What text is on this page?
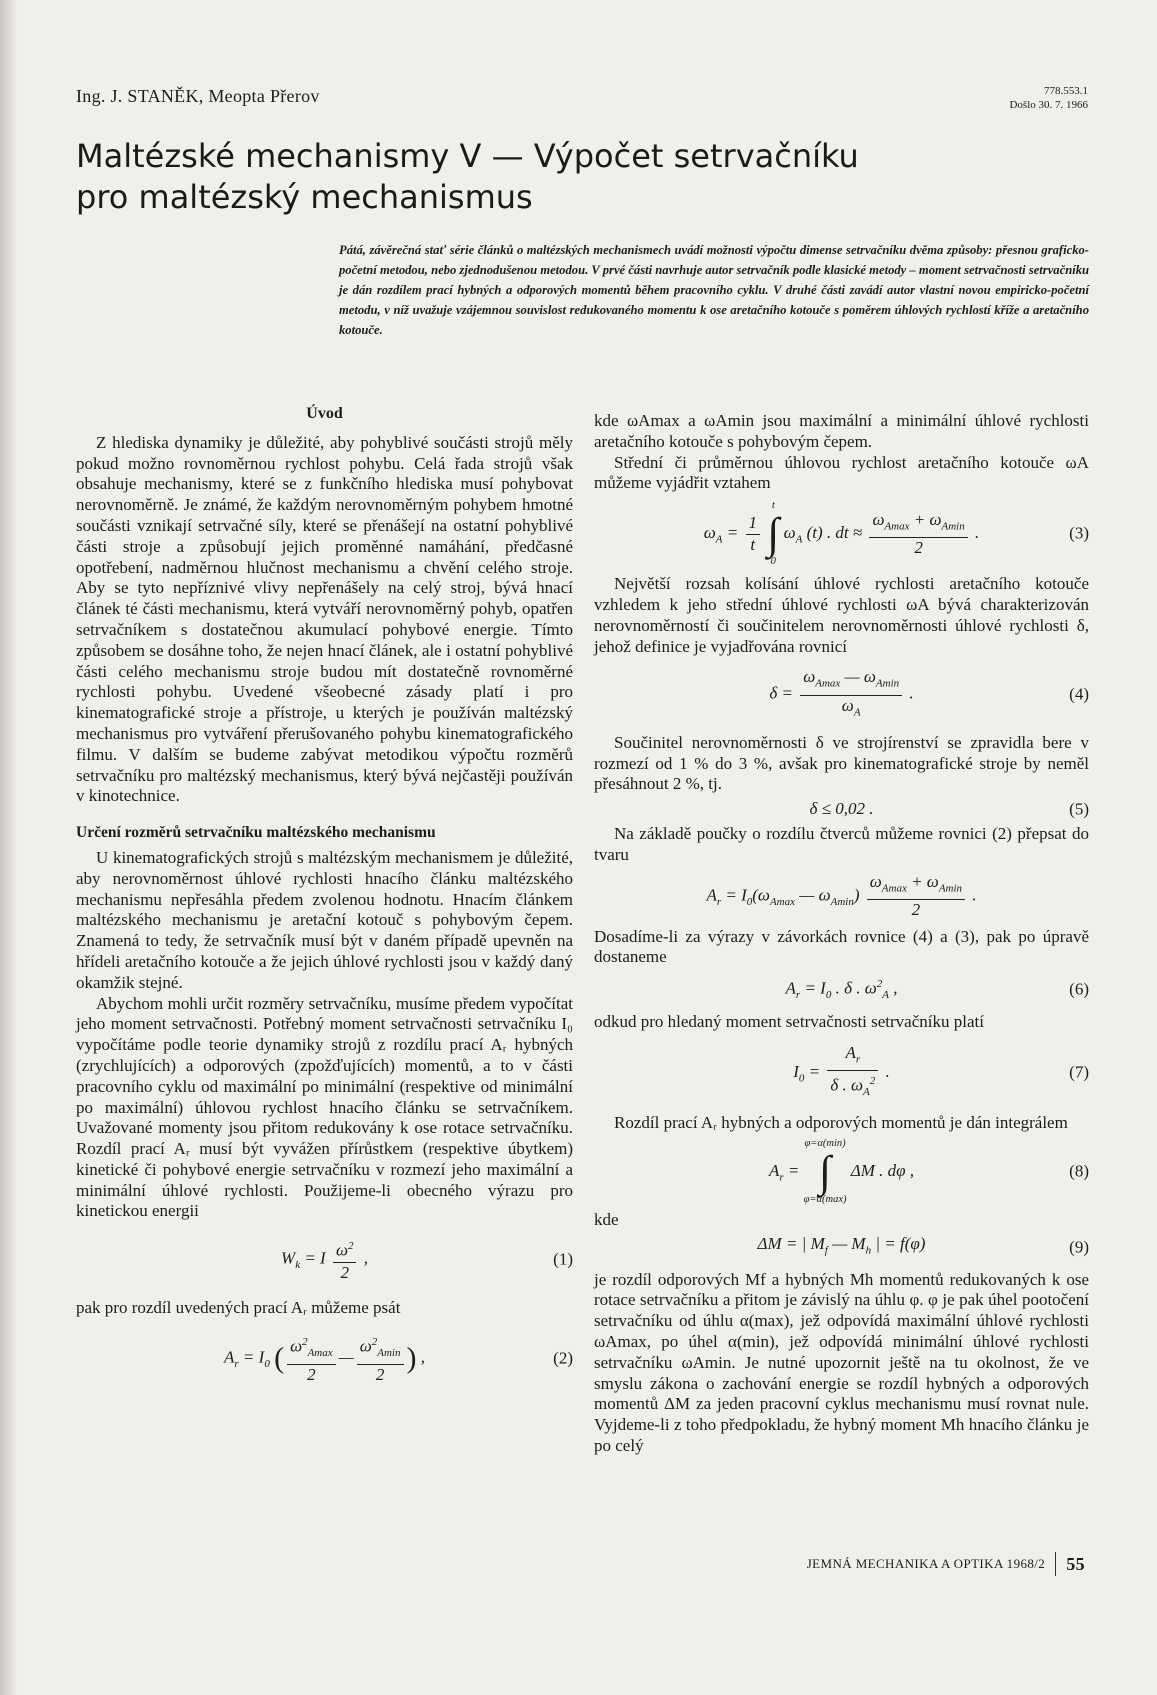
Ing. J. STANĚK, Meopta Přerov	778.553.1
Došlo 30. 7. 1966
Maltézské mechanismy V — Výpočet setrvačníku
pro maltézský mechanismus

Pátá, závěrečná stať série článků o maltézských mechanismech uvádí možnosti výpočtu dimense setrvačníku dvěma způsoby: přesnou graficko-početní metodou, nebo zjednodušenou metodou. V prvé části navrhuje autor setrvačník podle klasické metody – moment setrvačnosti setrvačníku je dán rozdílem prací hybných a odporových momentů během pracovního cyklu. V druhé části zavádí autor vlastní novou empiricko-početní metodu, v níž uvažuje vzájemnou souvislost redukovaného momentu k ose aretačního kotouče s poměrem úhlových rychlostí kříže a aretačního kotouče.

Úvod

Z hlediska dynamiky je důležité, aby pohyblivé součásti strojů měly pokud možno rovnoměrnou rychlost pohybu. Celá řada strojů však obsahuje mechanismy, které se z funkčního hlediska musí pohybovat nerovnoměrně. Je známé, že každým nerovnoměrným pohybem hmotné součásti vznikají setrvačné síly, které se přenášejí na ostatní pohyblivé části stroje a způsobují jejich proměnné namáhání, předčasné opotřebení, nadměrnou hlučnost mechanismu a chvění celého stroje. Aby se tyto nepříznivé vlivy nepřenášely na celý stroj, bývá hnací článek té části mechanismu, která vytváří nerovnoměrný pohyb, opatřen setrvačníkem s dostatečnou akumulací pohybové energie. Tímto způsobem se dosáhne toho, že nejen hnací článek, ale i ostatní pohyblivé části celého mechanismu stroje budou mít dostatečně rovnoměrné rychlosti pohybu. Uvedené všeobecné zásady platí i pro kinematografické stroje a přístroje, u kterých je používán maltézský mechanismus pro vytváření přerušovaného pohybu kinematografického filmu. V dalším se budeme zabývat metodikou výpočtu rozměrů setrvačníku pro maltézský mechanismus, který bývá nejčastěji používán v kinotechnice.

Určení rozměrů setrvačníku maltézského mechanismu

U kinematografických strojů s maltézským mechanismem je důležité, aby nerovnoměrnost úhlové rychlosti hnacího článku maltézského mechanismu nepřesáhla předem zvolenou hodnotu. Hnacím článkem maltézského mechanismu je aretační kotouč s pohybovým čepem. Znamená to tedy, že setrvačník musí být v daném případě upevněn na hřídeli aretačního kotouče a že jejich úhlové rychlosti jsou v každý daný okamžik stejné.

Abychom mohli určit rozměry setrvačníku, musíme předem vypočítat jeho moment setrvačnosti. Potřebný moment setrvačnosti setrvačníku I₀ vypočítáme podle teorie dynamiky strojů z rozdílu prací Aᵣ hybných (zrychlujících) a odporových (zpožďujících) momentů, a to v části pracovního cyklu od maximální po minimální (respektive od minimální po maximální) úhlovou rychlost hnacího článku se setrvačníkem. Uvažované momenty jsou přitom redukovány k ose rotace setrvačníku. Rozdíl prací Aᵣ musí být vyvážen přírůstkem (respektive úbytkem) kinetické či pohybové energie setrvačníku v rozmezí jeho maximální a minimální úhlové rychlosti. Použijeme-li obecného výrazu pro kinetickou energii

$W_k = I \frac{\omega^2}{2}$ ,	(1)

pak pro rozdíl uvedených prací Aᵣ můžeme psát

$A_r = I_0$ ( $\frac{\omega^2_{Amax}}{2}$ — $\frac{\omega^2_{Amin}}{2}$ ) ,	(2)

kde ωAmax a ωAmin jsou maximální a minimální úhlové rychlosti aretačního kotouče s pohybovým čepem.

Střední či průměrnou úhlovou rychlost aretačního kotouče ωA můžeme vyjádřit vztahem

$\omega_A = \frac{1}{t}$

t
∫
0
$\omega_A$ (t) . dt ≈ $\frac{\omega_{Amax} + \omega_{Amin}}{2}$ .	(3)

Největší rozsah kolísání úhlové rychlosti aretačního kotouče vzhledem k jeho střední úhlové rychlosti ωA bývá charakterizován nerovnoměrností či součinitelem nerovnoměrnosti úhlové rychlosti δ, jehož definice je vyjadřována rovnicí

$\delta = \frac{\omega_{Amax} — \omega_{Amin}}{\omega_A}$ .	(4)

Součinitel nerovnoměrnosti δ ve strojírenství se zpravidla bere v rozmezí od 1 % do 3 %, avšak pro kinematografické stroje by neměl přesáhnout 2 %, tj.

δ ≤ 0,02 .	(5)

Na základě poučky o rozdílu čtverců můžeme rovnici (2) přepsat do tvaru

$A_r = I_0(\omega_{Amax}$ — $\omega_{Amin}) \frac{\omega_{Amax} + \omega_{Amin}}{2}$ .

Dosadíme-li za výrazy v závorkách rovnice (4) a (3), pak po úpravě dostaneme

$A_r = I_0$ . δ . $\omega^2_A$ ,	(6)

odkud pro hledaný moment setrvačnosti setrvačníku platí

$I_0 = \frac{A_r}{\delta . \omega_A^2}$ .	(7)

Rozdíl prací Aᵣ hybných a odporových momentů je dán integrálem

$A_r$ =
φ=α(min)
∫
φ=α(max)
ΔM . dφ ,	(8)

kde

ΔM = | $M_f$ — $M_h$ | = f(φ)	(9)

je rozdíl odporových Mf a hybných Mh momentů redukovaných k ose rotace setrvačníku a přitom je závislý na úhlu φ. φ je pak úhel pootočení setrvačníku od úhlu α(max), jež odpovídá maximální úhlové rychlosti ωAmax, po úhel α(min), jež odpovídá minimální úhlové rychlosti setrvačníku ωAmin. Je nutné upozornit ještě na tu okolnost, že ve smyslu zákona o zachování energie se rozdíl hybných a odporových momentů ΔM za jeden pracovní cyklus mechanismu musí rovnat nule. Vyjdeme-li z toho předpokladu, že hybný moment Mh hnacího článku je po celý

JEMNÁ MECHANIKA A OPTIKA 1968/2 55
